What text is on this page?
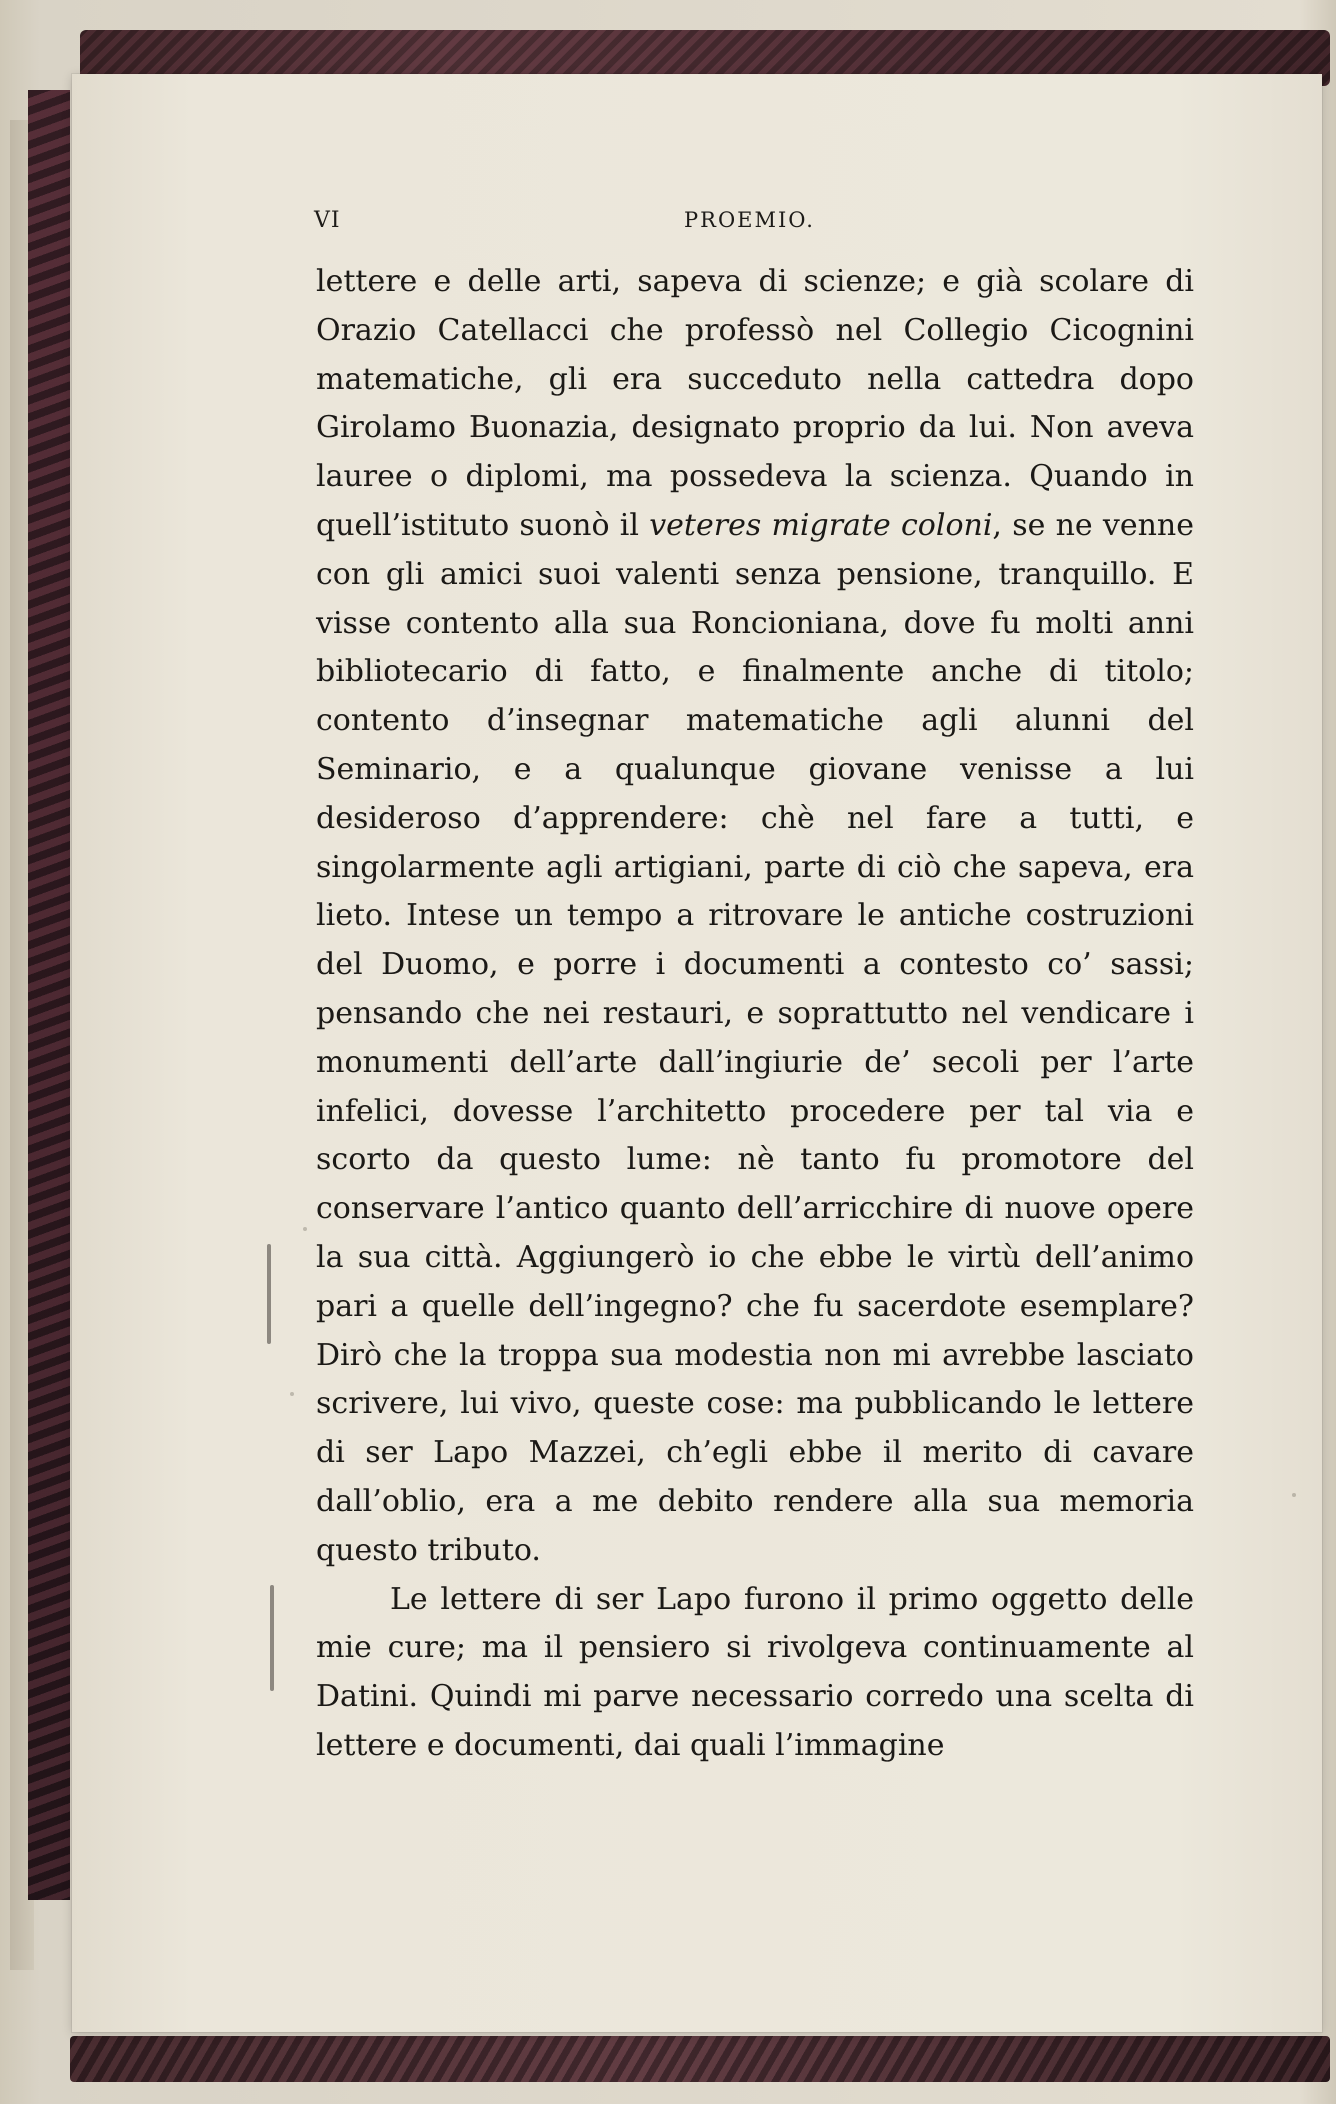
VI	PROEMIO.

lettere e delle arti, sapeva di scienze; e già scolare di Orazio Catellacci che professò nel Collegio Cicognini matematiche, gli era succeduto nella cattedra dopo Girolamo Buonazia, designato proprio da lui. Non aveva lauree o diplomi, ma possedeva la scienza. Quando in quell’istituto suonò il veteres migrate coloni, se ne venne con gli amici suoi valenti senza pensione, tranquillo. E visse contento alla sua Roncioniana, dove fu molti anni bibliotecario di fatto, e finalmente anche di titolo; contento d’insegnar matematiche agli alunni del Seminario, e a qualunque giovane venisse a lui desideroso d’apprendere: chè nel fare a tutti, e singolarmente agli artigiani, parte di ciò che sapeva, era lieto. Intese un tempo a ritrovare le antiche costruzioni del Duomo, e porre i documenti a contesto co’ sassi; pensando che nei restauri, e soprattutto nel vendicare i monumenti dell’arte dall’ingiurie de’ secoli per l’arte infelici, dovesse l’architetto procedere per tal via e scorto da questo lume: nè tanto fu promotore del conservare l’antico quanto dell’arricchire di nuove opere la sua città. Aggiungerò io che ebbe le virtù dell’animo pari a quelle dell’ingegno? che fu sacerdote esemplare? Dirò che la troppa sua modestia non mi avrebbe lasciato scrivere, lui vivo, queste cose: ma pubblicando le lettere di ser Lapo Mazzei, ch’egli ebbe il merito di cavare dall’oblio, era a me debito rendere alla sua memoria questo tributo.

Le lettere di ser Lapo furono il primo oggetto delle mie cure; ma il pensiero si rivolgeva continuamente al Datini. Quindi mi parve necessario corredo una scelta di lettere e documenti, dai quali l’immagine
